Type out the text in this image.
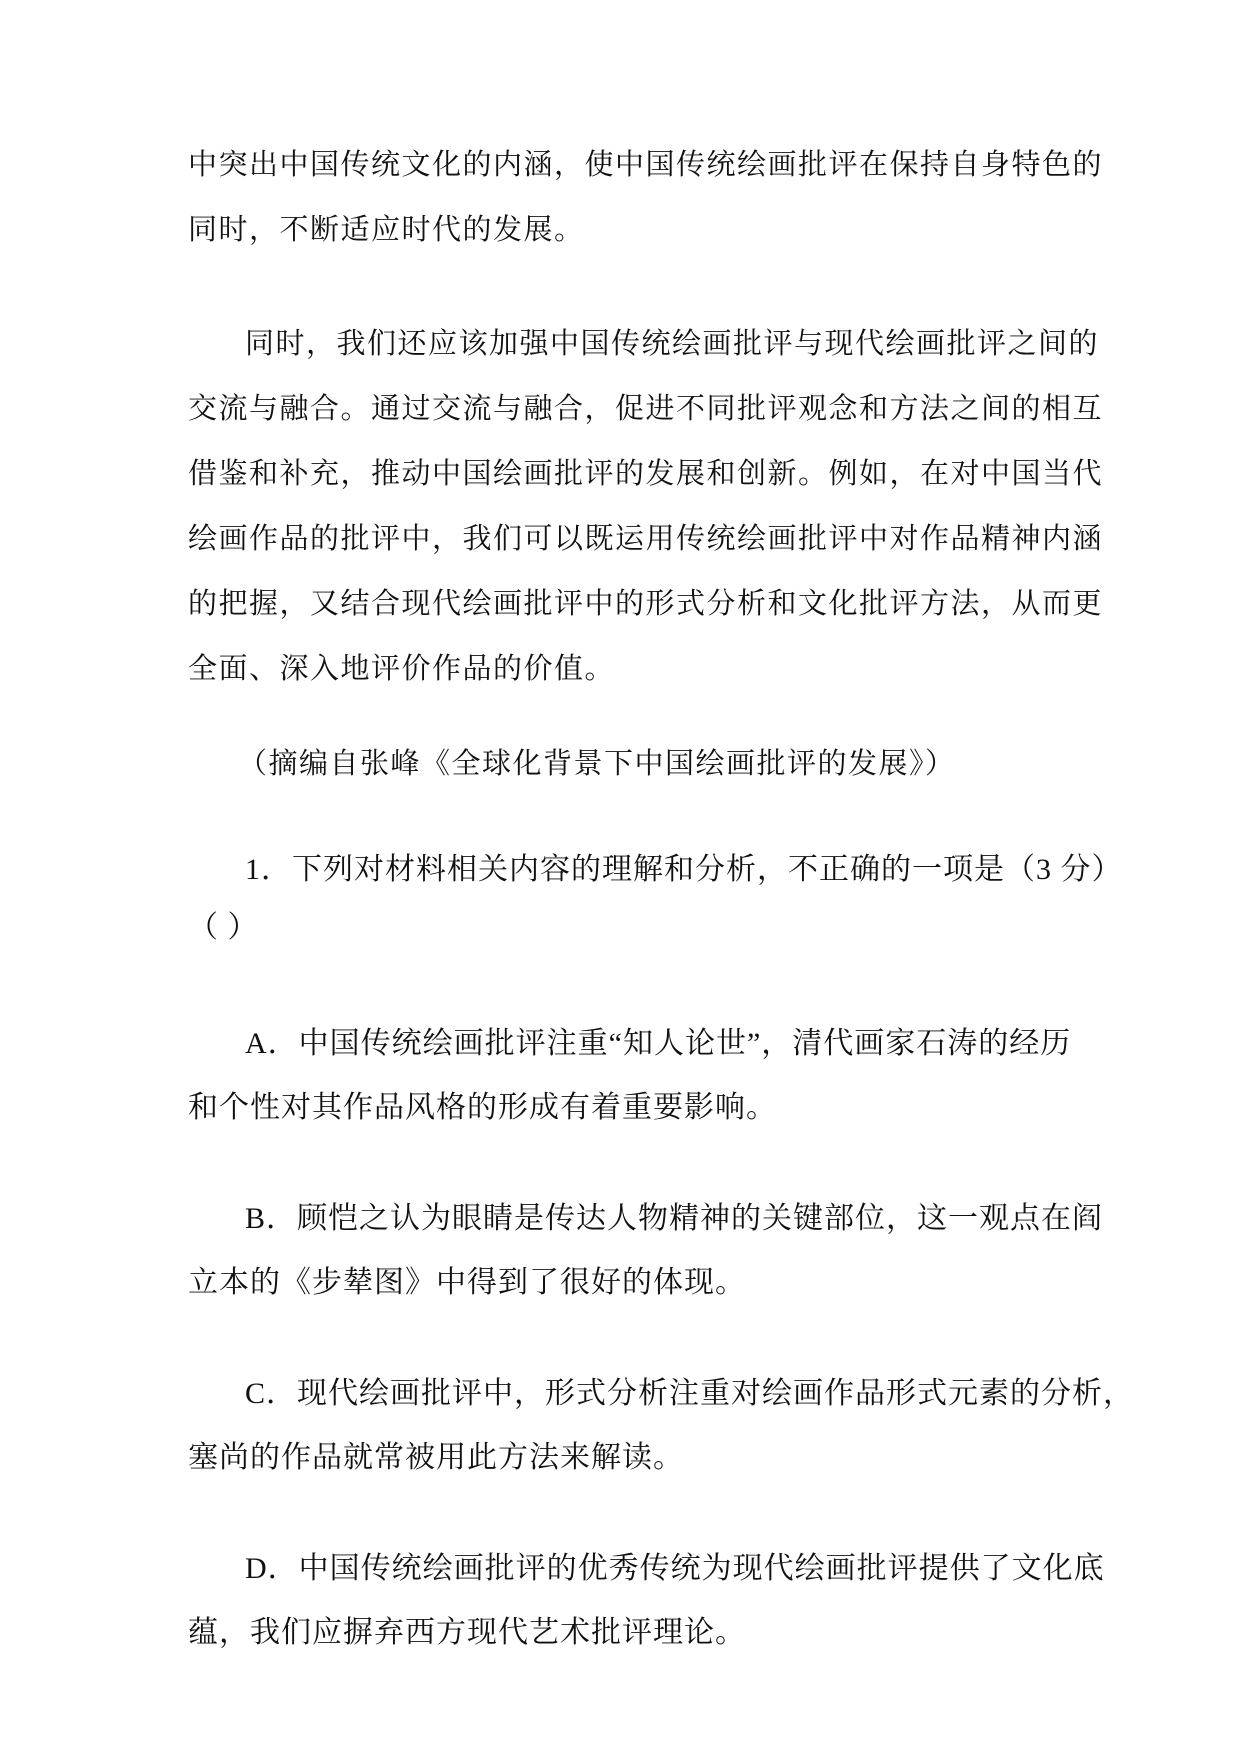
中突出中国传统文化的内涵，使中国传统绘画批评在保持自身特色的
同时，不断适应时代的发展。
同时，我们还应该加强中国传统绘画批评与现代绘画批评之间的
交流与融合。通过交流与融合，促进不同批评观念和方法之间的相互
借鉴和补充，推动中国绘画批评的发展和创新。例如，在对中国当代
绘画作品的批评中，我们可以既运用传统绘画批评中对作品精神内涵
的把握，又结合现代绘画批评中的形式分析和文化批评方法，从而更
全面、深入地评价作品的价值。
（摘编自张峰《全球化背景下中国绘画批评的发展》）
1．下列对材料相关内容的理解和分析，不正确的一项是（3 分）
（ ）
A．中国传统绘画批评注重“知人论世”，清代画家石涛的经历
和个性对其作品风格的形成有着重要影响。
B．顾恺之认为眼睛是传达人物精神的关键部位，这一观点在阎
立本的《步辇图》中得到了很好的体现。
C．现代绘画批评中，形式分析注重对绘画作品形式元素的分析，
塞尚的作品就常被用此方法来解读。
D．中国传统绘画批评的优秀传统为现代绘画批评提供了文化底
蕴，我们应摒弃西方现代艺术批评理论。
